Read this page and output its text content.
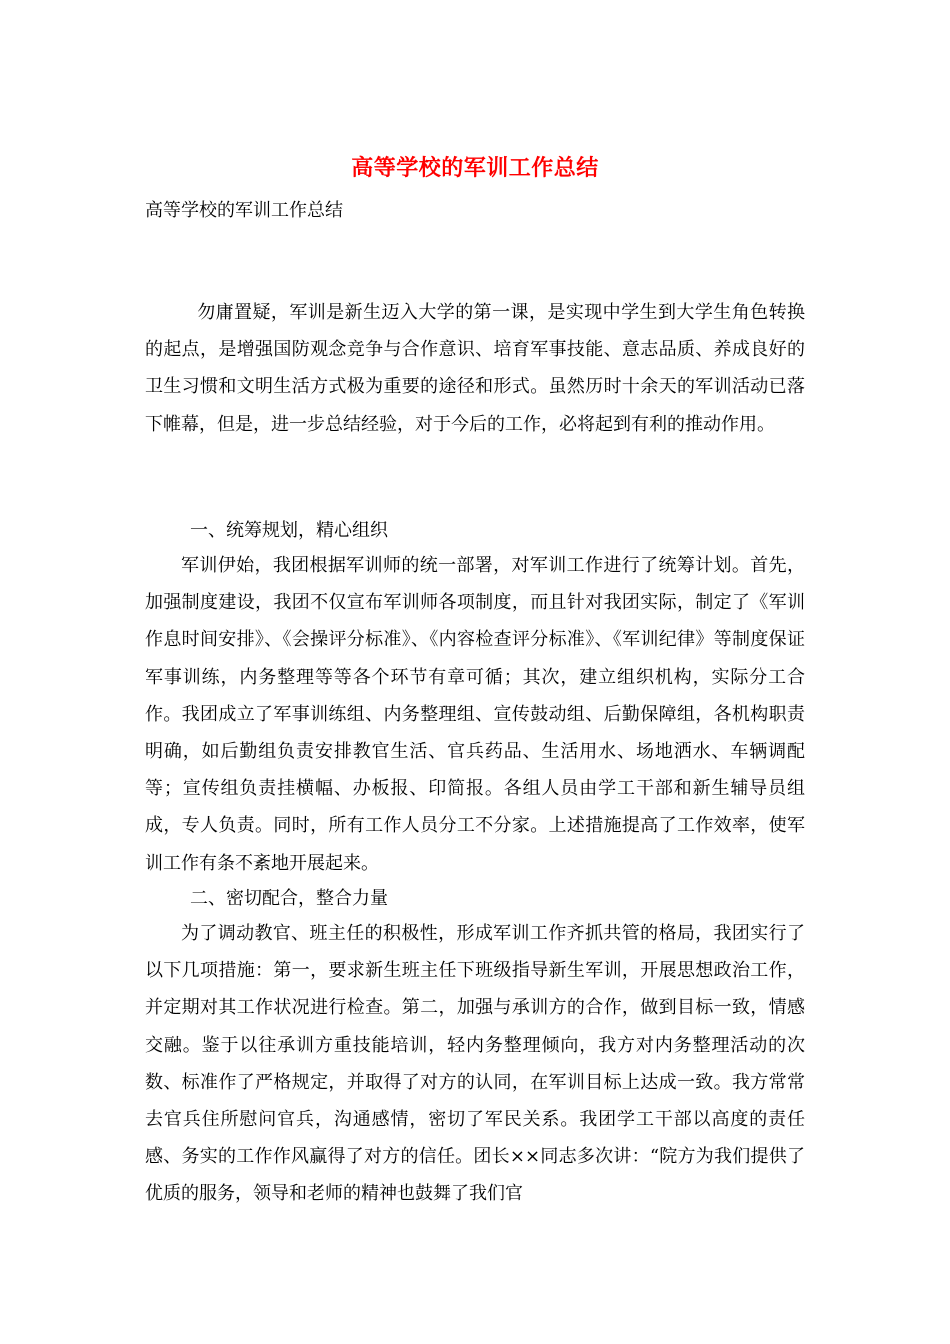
高等学校的军训工作总结
高等学校的军训工作总结
勿庸置疑，军训是新生迈入大学的第一课，是实现中学生到大学生角色转换的起点，是增强国防观念竞争与合作意识、培育军事技能、意志品质、养成良好的卫生习惯和文明生活方式极为重要的途径和形式。虽然历时十余天的军训活动已落下帷幕，但是，进一步总结经验，对于今后的工作，必将起到有利的推动作用。
一、统筹规划，精心组织
军训伊始，我团根据军训师的统一部署，对军训工作进行了统筹计划。首先，加强制度建设，我团不仅宣布军训师各项制度，而且针对我团实际，制定了《军训作息时间安排》、《会操评分标准》、《内容检查评分标准》、《军训纪律》等制度保证军事训练，内务整理等等各个环节有章可循；其次，建立组织机构，实际分工合作。我团成立了军事训练组、内务整理组、宣传鼓动组、后勤保障组，各机构职责明确，如后勤组负责安排教官生活、官兵药品、生活用水、场地洒水、车辆调配等；宣传组负责挂横幅、办板报、印简报。各组人员由学工干部和新生辅导员组成，专人负责。同时，所有工作人员分工不分家。上述措施提高了工作效率，使军训工作有条不紊地开展起来。
二、密切配合，整合力量
为了调动教官、班主任的积极性，形成军训工作齐抓共管的格局，我团实行了以下几项措施：第一，要求新生班主任下班级指导新生军训，开展思想政治工作，并定期对其工作状况进行检查。第二，加强与承训方的合作，做到目标一致，情感交融。鉴于以往承训方重技能培训，轻内务整理倾向，我方对内务整理活动的次数、标准作了严格规定，并取得了对方的认同，在军训目标上达成一致。我方常常去官兵住所慰问官兵，沟通感情，密切了军民关系。我团学工干部以高度的责任感、务实的工作作风赢得了对方的信任。团长××同志多次讲：“院方为我们提供了优质的服务，领导和老师的精神也鼓舞了我们官
